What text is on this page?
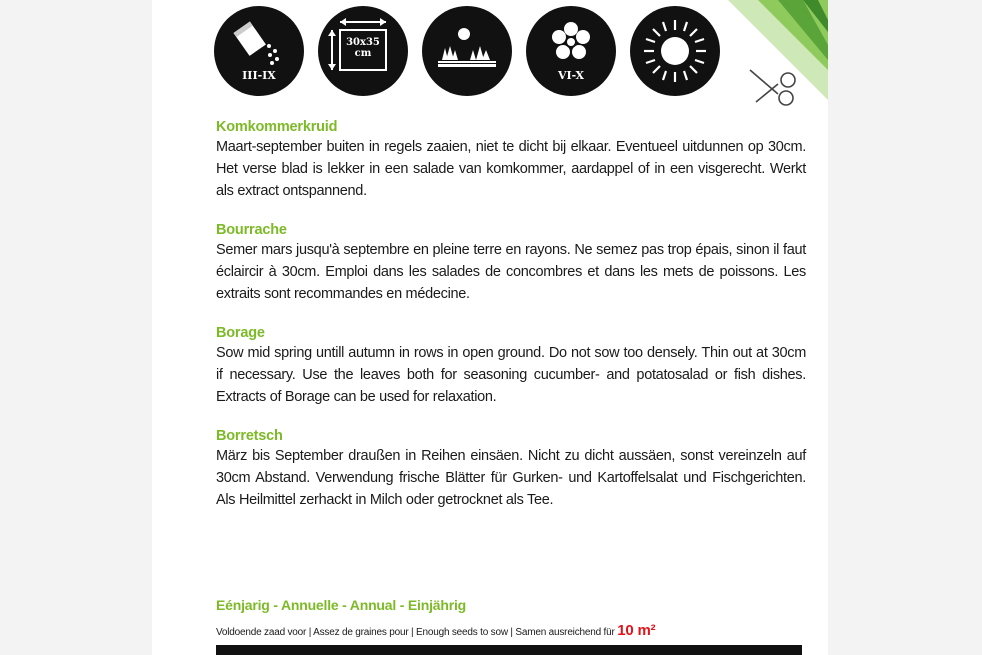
III-IX
30x35
cm
VI-X

Komkommerkruid

Maart-september buiten in regels zaaien, niet te dicht bij elkaar. Eventueel uitdunnen op 30cm. Het verse blad is lekker in een salade van komkommer, aardappel of in een visgerecht. Werkt als extract ontspannend.

Bourrache

Semer mars jusqu'à septembre en pleine terre en rayons. Ne semez pas trop épais, sinon il faut éclaircir à 30cm. Emploi dans les salades de concombres et dans les mets de poissons. Les extraits sont recommandes en médecine.

Borage

Sow mid spring untill autumn in rows in open ground. Do not sow too densely. Thin out at 30cm if necessary. Use the leaves both for seasoning cucumber- and potatosalad or fish dishes. Extracts of Borage can be used for relaxation.

Borretsch

März bis September draußen in Reihen einsäen. Nicht zu dicht aussäen, sonst vereinzeln auf 30cm Abstand. Verwendung frische Blätter für Gurken- und Kartoffelsalat und Fischgerichten. Als Heilmittel zerhackt in Milch oder getrocknet als Tee.

Eénjarig - Annuelle - Annual - Einjährig
Voldoende zaad voor | Assez de graines pour | Enough seeds to sow | Samen ausreichend für 10 m²
